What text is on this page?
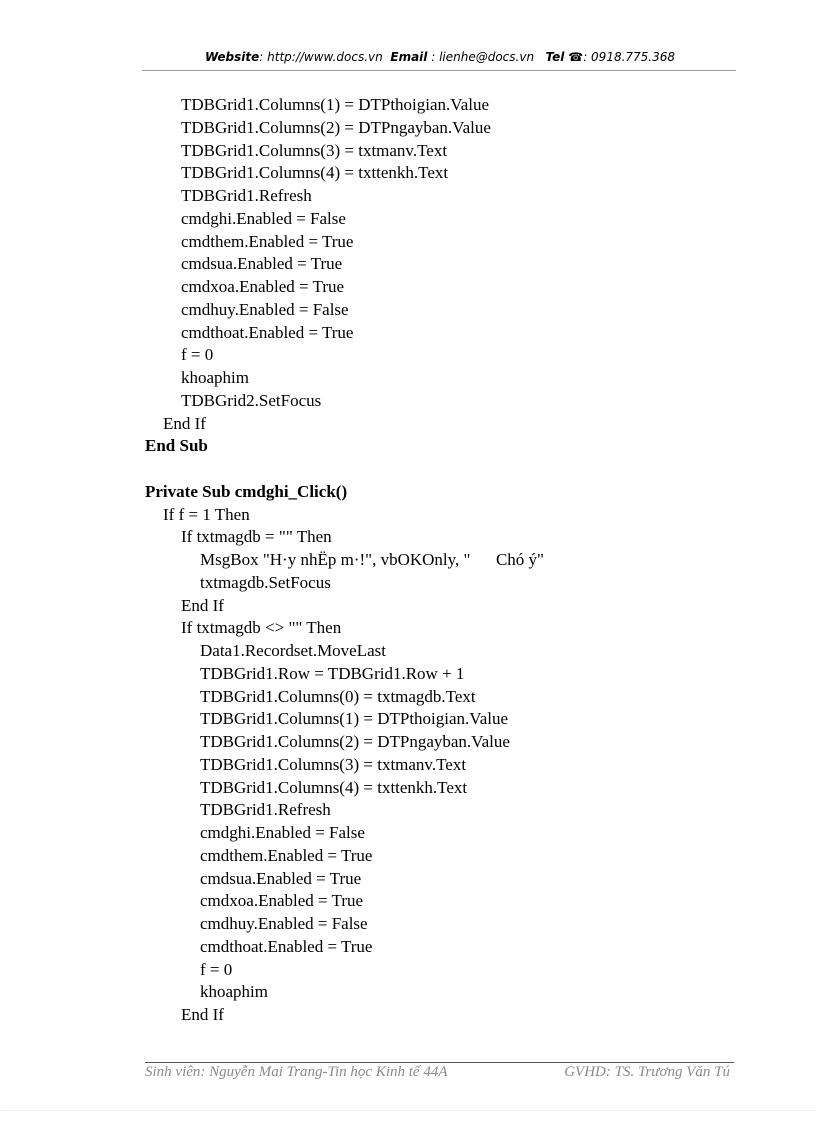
Website: http://www.docs.vn Email : lienhe@docs.vn Tel ☎: 0918.775.368
TDBGrid1.Columns(1) = DTPthoigian.Value
TDBGrid1.Columns(2) = DTPngayban.Value
TDBGrid1.Columns(3) = txtmanv.Text
TDBGrid1.Columns(4) = txttenkh.Text
TDBGrid1.Refresh
cmdghi.Enabled = False
cmdthem.Enabled = True
cmdsua.Enabled = True
cmdxoa.Enabled = True
cmdhuy.Enabled = False
cmdthoat.Enabled = True
f = 0
khoaphim
TDBGrid2.SetFocus
End If
End Sub
Private Sub cmdghi_Click()
If f = 1 Then
If txtmagdb = "" Then
MsgBox "H·y nhËp m·!", vbOKOnly, "      Chó ý"
txtmagdb.SetFocus
End If
If txtmagdb <> "" Then
Data1.Recordset.MoveLast
TDBGrid1.Row = TDBGrid1.Row + 1
TDBGrid1.Columns(0) = txtmagdb.Text
TDBGrid1.Columns(1) = DTPthoigian.Value
TDBGrid1.Columns(2) = DTPngayban.Value
TDBGrid1.Columns(3) = txtmanv.Text
TDBGrid1.Columns(4) = txttenkh.Text
TDBGrid1.Refresh
cmdghi.Enabled = False
cmdthem.Enabled = True
cmdsua.Enabled = True
cmdxoa.Enabled = True
cmdhuy.Enabled = False
cmdthoat.Enabled = True
f = 0
khoaphim
End If
Sinh viên: Nguyễn Mai Trang-Tin học Kinh tế 44A	GVHD: TS. Trương Văn Tú
